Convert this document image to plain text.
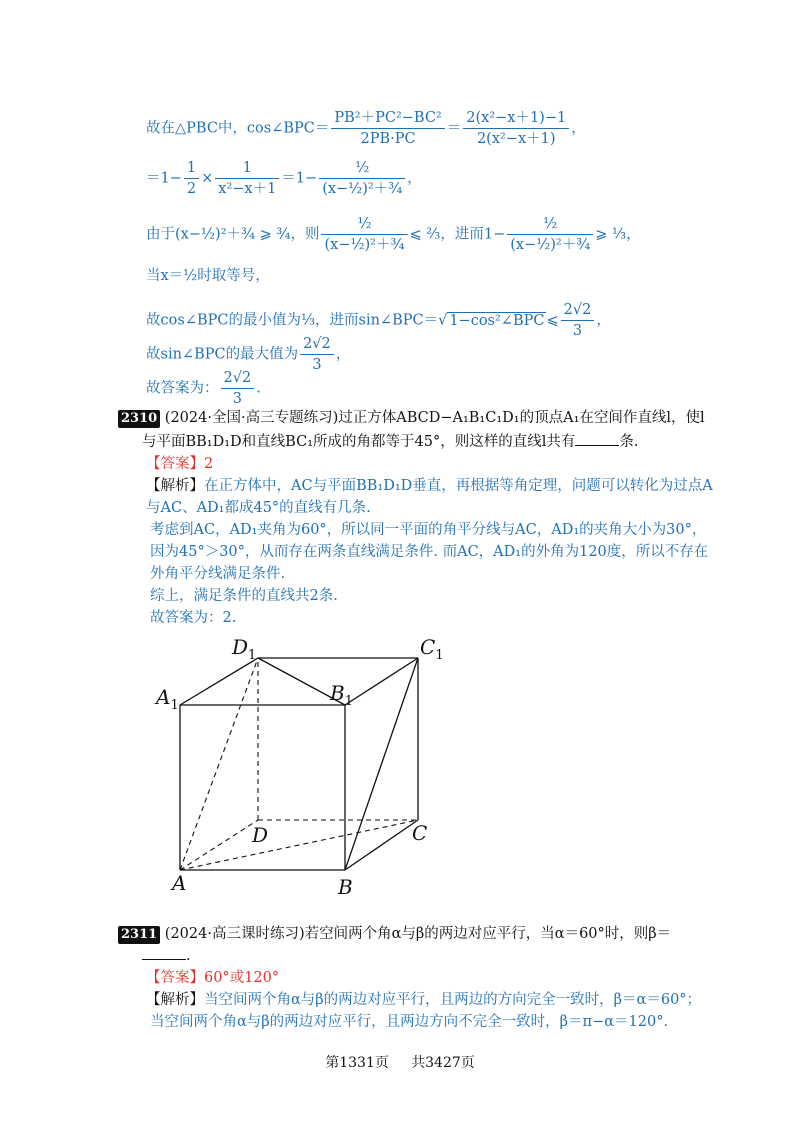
故在△PBC中，cos∠BPC＝ $\frac{\text{PB²＋PC²−BC²}}{2PB\cdot PC} = \frac{\text{2(x²−x＋1)−1}}{\text{2(x²−x＋1)}}$ ，
$=1- \frac{1}{2} \times \frac{1}{\text{x²−x＋1}} =1- \frac{\text{½}}{\text{(x−½)²＋¾}}$ ，
由于(x−½)²＋¾ ⩾ ¾，则 $\frac{\text{½}}{\text{(x−½)²＋¾}}$ ⩽ ⅔，进而$1- \frac{\text{½}}{\text{(x−½)²＋¾}}$ ⩾ ⅓，
当x＝½时取等号，
故cos∠BPC的最小值为⅓，进而sin∠BPC＝√ 1−cos²∠BPC ⩽ $\frac{2√2}{3}$ ，
故sin∠BPC的最大值为 $\frac{2√2}{3}$ ，
故答案为： $\frac{2√2}{3}$ .
2310 (2024·全国·高三专题练习)过正方体ABCD−A₁B₁C₁D₁的顶点A₁在空间作直线l，使l
与平面BB₁D₁D和直线BC₁所成的角都等于45°，则这样的直线l共有	条.
【答案】2
【解析】在正方体中，AC与平面BB₁D₁D垂直，再根据等角定理，问题可以转化为过点A
与AC、AD₁都成45°的直线有几条.
考虑到AC，AD₁夹角为60°，所以同一平面的角平分线与AC，AD₁的夹角大小为30°，
因为45°＞30°，从而存在两条直线满足条件. 而AC，AD₁的外角为120度，所以不存在
外角平分线满足条件.
综上，满足条件的直线共2条.
故答案为：2.
$D_1$	$C_1$
$A_1$
$B_1$
D	C
A	B
2311 (2024·高三课时练习)若空间两个角α与β的两边对应平行，当α＝60°时，则β＝
.
【答案】60°或120°
【解析】当空间两个角α与β的两边对应平行，且两边的方向完全一致时，β＝α＝60°；
当空间两个角α与β的两边对应平行，且两边方向不完全一致时，β＝π−α＝120°.
第1331页 共3427页
